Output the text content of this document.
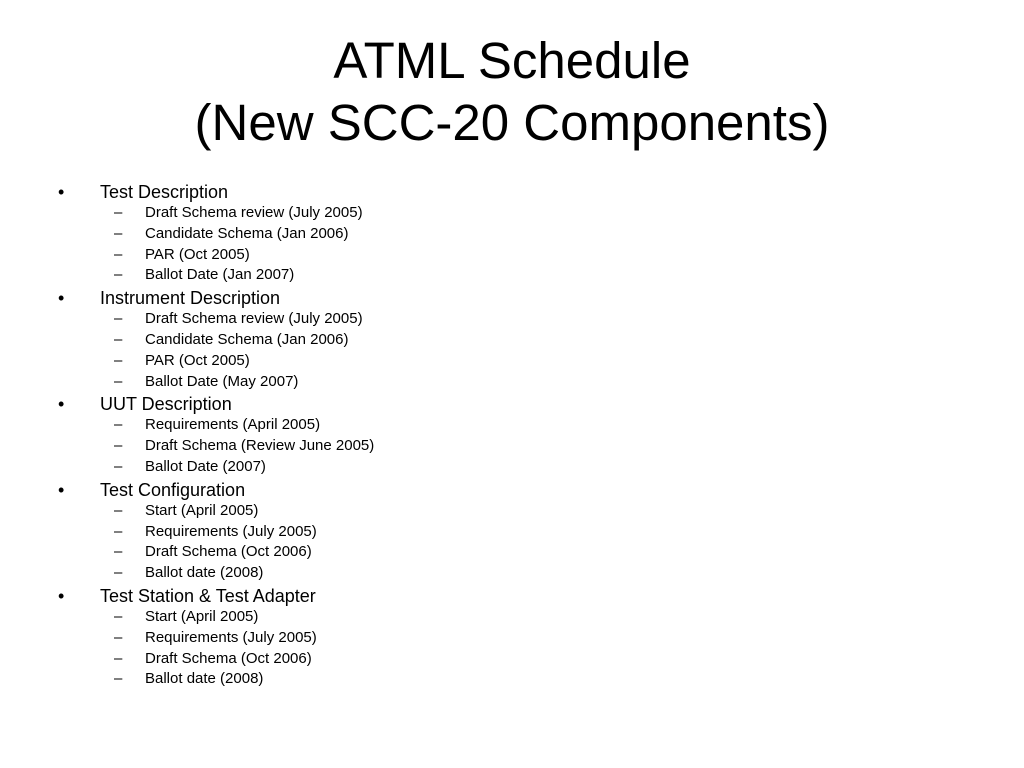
ATML Schedule
(New SCC-20 Components)
•	Test Description
– Draft Schema review (July 2005)
– Candidate Schema (Jan 2006)
– PAR (Oct 2005)
– Ballot Date (Jan 2007)
•	Instrument Description
– Draft Schema review (July 2005)
– Candidate Schema (Jan 2006)
– PAR (Oct 2005)
– Ballot Date (May 2007)
•	UUT Description
– Requirements (April 2005)
– Draft Schema (Review June 2005)
– Ballot Date (2007)
•	Test Configuration
– Start (April 2005)
– Requirements (July 2005)
– Draft Schema (Oct 2006)
– Ballot date (2008)
•	Test Station & Test Adapter
– Start (April 2005)
– Requirements (July 2005)
– Draft Schema (Oct 2006)
– Ballot date (2008)
